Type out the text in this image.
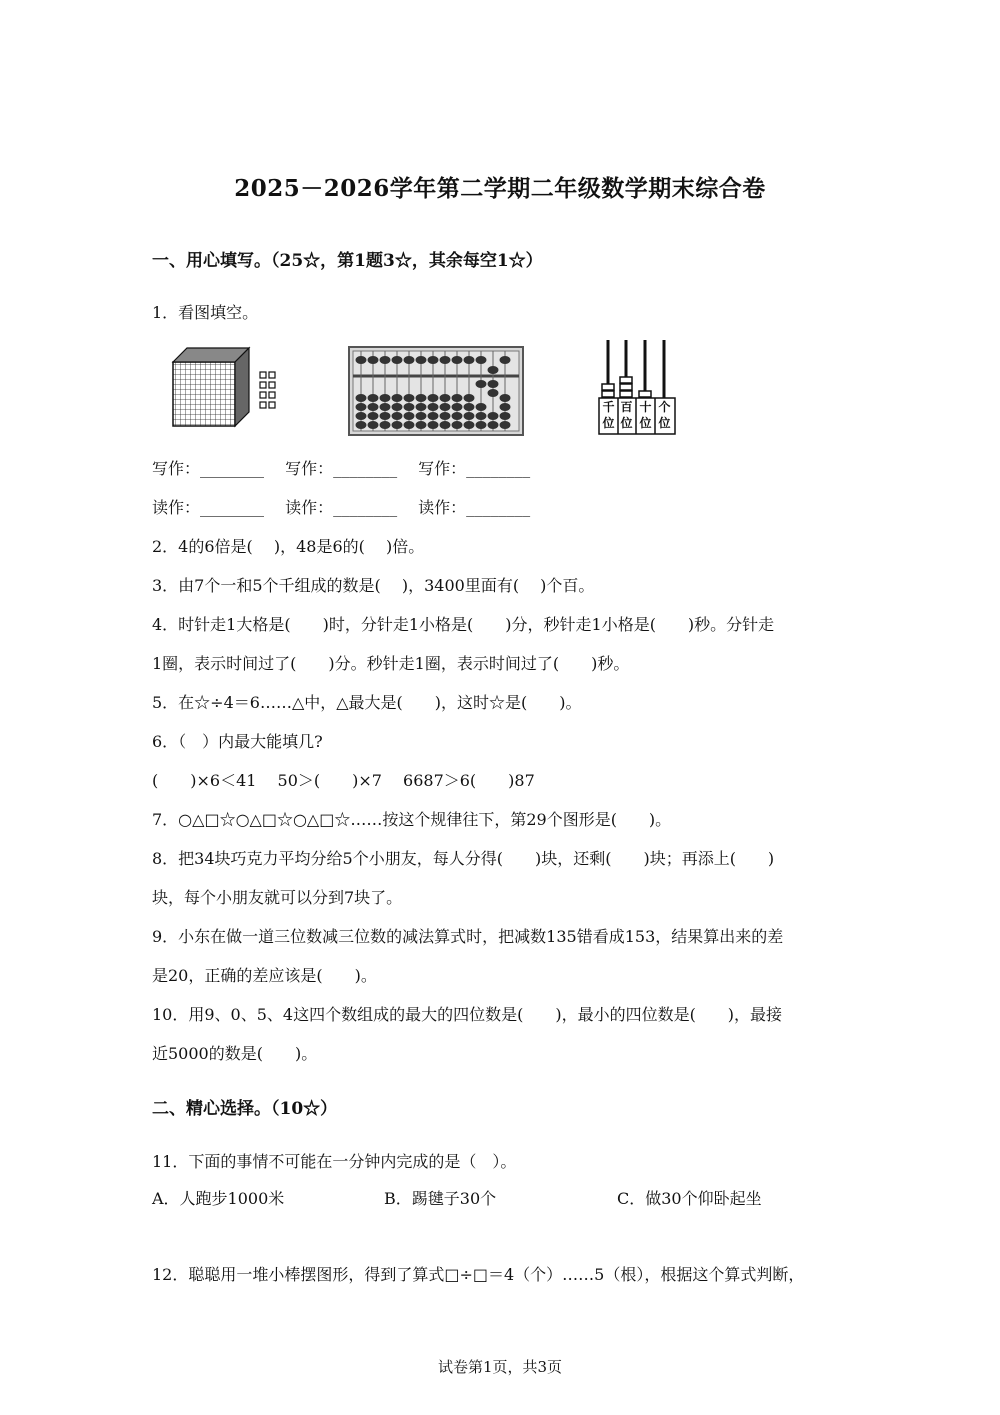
2025－2026学年第二学期二年级数学期末综合卷
一、用心填写。（25☆，第1题3☆，其余每空1☆）
1．看图填空。
千位
百位
十位
个位
写作：________　 写作：________　 写作：________
读作：________　 读作：________　 读作：________
2．4的6倍是(　 )，48是6的(　 )倍。
3．由7个一和5个千组成的数是(　 )，3400里面有(　 )个百。
4．时针走1大格是(　　)时，分针走1小格是(　　)分，秒针走1小格是(　　)秒。分针走
1圈，表示时间过了(　　)分。秒针走1圈，表示时间过了(　　)秒。
5．在☆÷4＝6……△中，△最大是(　　)，这时☆是(　　)。
6．（　）内最大能填几?
(　　)×6＜41　 50＞(　　)×7　 6687＞6(　　)87
7．○△□☆○△□☆○△□☆……按这个规律往下，第29个图形是(　　)。
8．把34块巧克力平均分给5个小朋友，每人分得(　　)块，还剩(　　)块；再添上(　　)
块，每个小朋友就可以分到7块了。
9．小东在做一道三位数减三位数的减法算式时，把减数135错看成153，结果算出来的差
是20，正确的差应该是(　　)。
10．用9、0、5、4这四个数组成的最大的四位数是(　　)，最小的四位数是(　　)，最接
近5000的数是(　　)。
二、精心选择。（10☆）
11．下面的事情不可能在一分钟内完成的是（　）。
A．人跑步1000米	B．踢毽子30个	C．做30个仰卧起坐
12．聪聪用一堆小棒摆图形，得到了算式□÷□＝4（个）……5（根），根据这个算式判断，
试卷第1页，共3页
